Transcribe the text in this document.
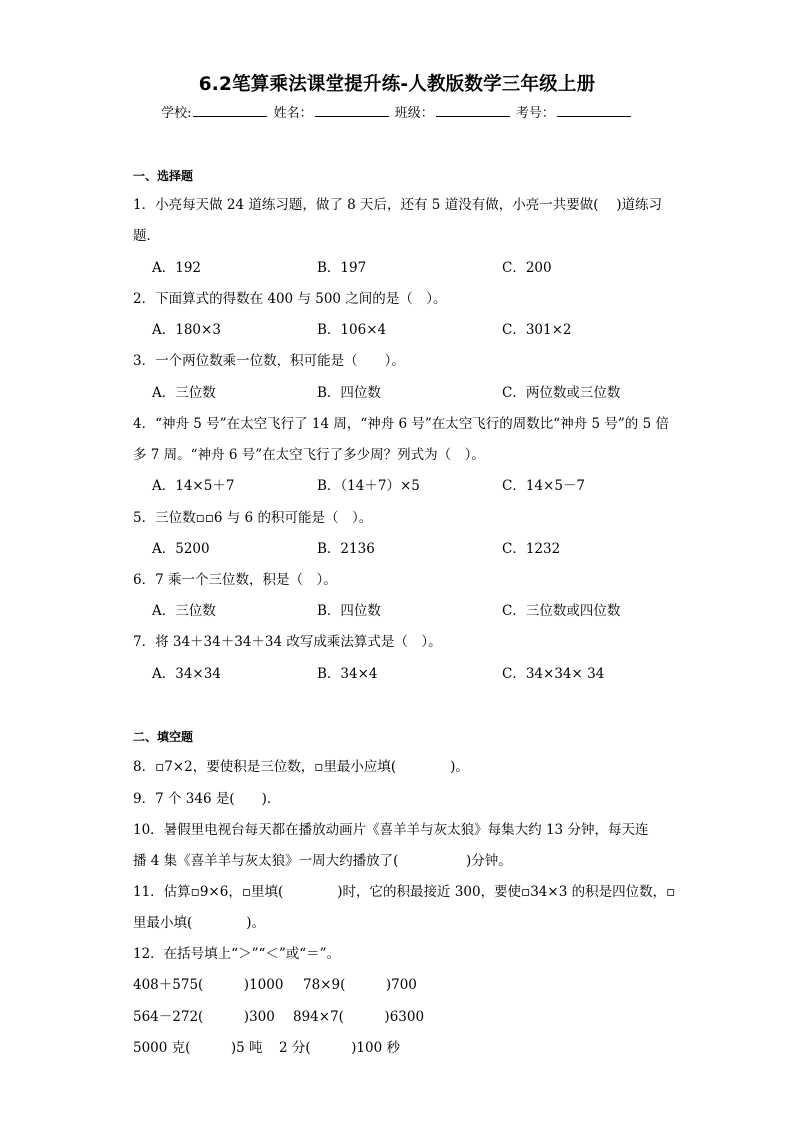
6.2笔算乘法课堂提升练-人教版数学三年级上册
学校:	姓名：	班级：	考号：
一、选择题
1．小亮每天做 24 道练习题，做了 8 天后，还有 5 道没有做，小亮一共要做(　 )道练习
题．
A．192	B．197	C．200
2．下面算式的得数在 400 与 500 之间的是（　）。
A．180×3	B．106×4	C．301×2
3．一个两位数乘一位数，积可能是（　　）。
A．三位数	B．四位数	C．两位数或三位数
4．“神舟 5 号”在太空飞行了 14 周，“神舟 6 号”在太空飞行的周数比“神舟 5 号”的 5 倍
多 7 周。“神舟 6 号”在太空飞行了多少周？列式为（　）。
A．14×5＋7	B．（14＋7）×5	C．14×5－7
5．三位数▫▫6 与 6 的积可能是（　）。
A．5200	B．2136	C．1232
6．7 乘一个三位数，积是（　）。
A．三位数	B．四位数	C．三位数或四位数
7．将 34＋34＋34＋34 改写成乘法算式是（　）。
A．34×34	B．34×4	C．34×34× 34
二、填空题
8．▫7×2，要使积是三位数，▫里最小应填(　　　　)。
9．7 个 346 是(　　)．
10．暑假里电视台每天都在播放动画片《喜羊羊与灰太狼》每集大约 13 分钟，每天连
播 4 集《喜羊羊与灰太狼》一周大约播放了(　　　　　)分钟。
11．估算▫9×6，▫里填(　　　　)时，它的积最接近 300，要使▫34×3 的积是四位数，▫
里最小填(　　　　)。
12．在括号填上“＞”“＜”或“＝”。
408＋575(　　　)1000 78×9(　　　)700
564－272(　　　)300 894×7(　　　)6300
5000 克(　　　)5 吨 2 分(　　　)100 秒
